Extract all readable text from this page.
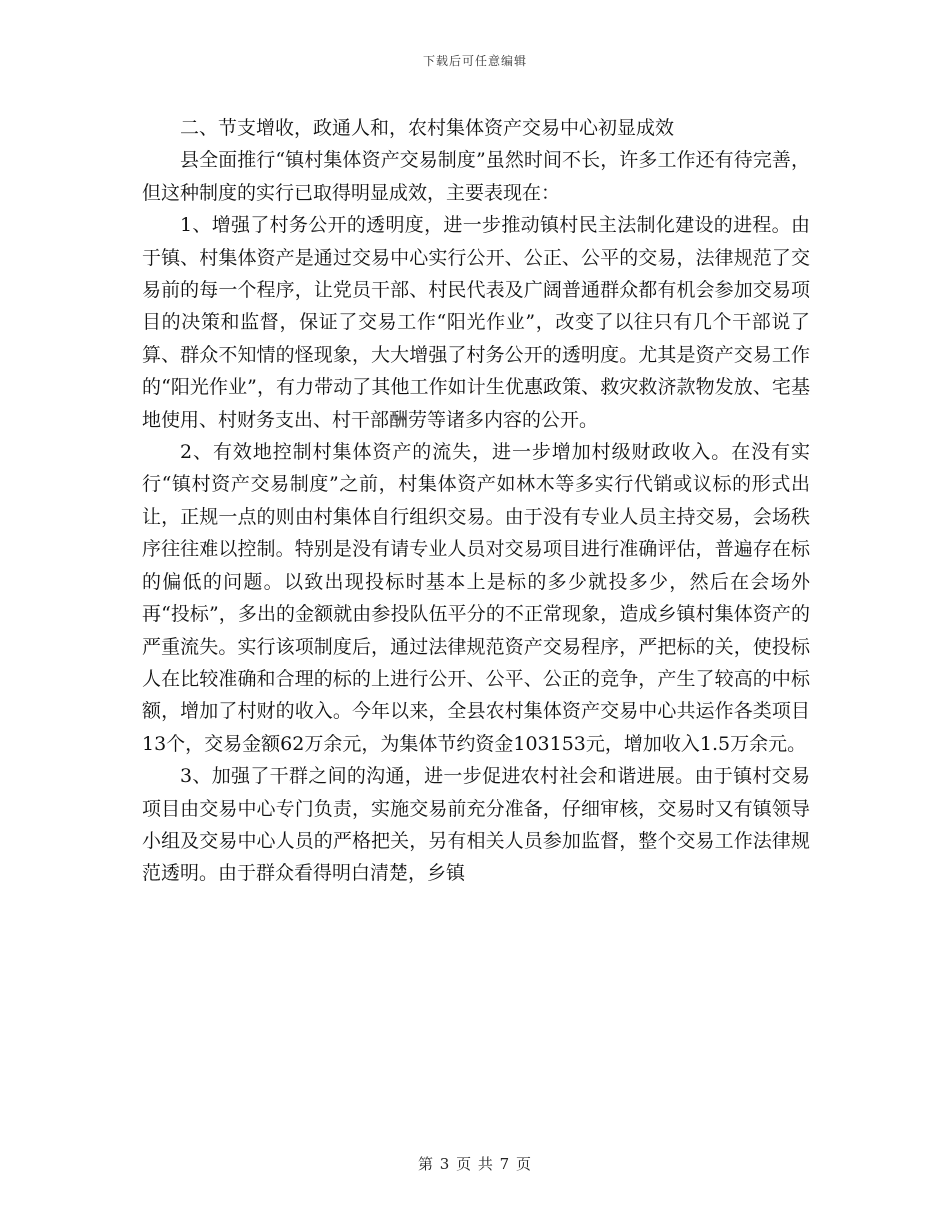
下载后可任意编辑

二、节支增收，政通人和，农村集体资产交易中心初显成效

县全面推行“镇村集体资产交易制度”虽然时间不长，许多工作还有待完善，但这种制度的实行已取得明显成效，主要表现在：

1、增强了村务公开的透明度，进一步推动镇村民主法制化建设的进程。由于镇、村集体资产是通过交易中心实行公开、公正、公平的交易，法律规范了交易前的每一个程序，让党员干部、村民代表及广阔普通群众都有机会参加交易项目的决策和监督，保证了交易工作“阳光作业”，改变了以往只有几个干部说了算、群众不知情的怪现象，大大增强了村务公开的透明度。尤其是资产交易工作的“阳光作业”，有力带动了其他工作如计生优惠政策、救灾救济款物发放、宅基地使用、村财务支出、村干部酬劳等诸多内容的公开。

2、有效地控制村集体资产的流失，进一步增加村级财政收入。在没有实行“镇村资产交易制度”之前，村集体资产如林木等多实行代销或议标的形式出让，正规一点的则由村集体自行组织交易。由于没有专业人员主持交易，会场秩序往往难以控制。特别是没有请专业人员对交易项目进行准确评估，普遍存在标的偏低的问题。以致出现投标时基本上是标的多少就投多少，然后在会场外再“投标”，多出的金额就由参投队伍平分的不正常现象，造成乡镇村集体资产的严重流失。实行该项制度后，通过法律规范资产交易程序，严把标的关，使投标人在比较准确和合理的标的上进行公开、公平、公正的竞争，产生了较高的中标额，增加了村财的收入。今年以来，全县农村集体资产交易中心共运作各类项目13个，交易金额62万余元，为集体节约资金103153元，增加收入1.5万余元。

3、加强了干群之间的沟通，进一步促进农村社会和谐进展。由于镇村交易项目由交易中心专门负责，实施交易前充分准备，仔细审核，交易时又有镇领导小组及交易中心人员的严格把关，另有相关人员参加监督，整个交易工作法律规范透明。由于群众看得明白清楚，乡镇

第 3 页 共 7 页
